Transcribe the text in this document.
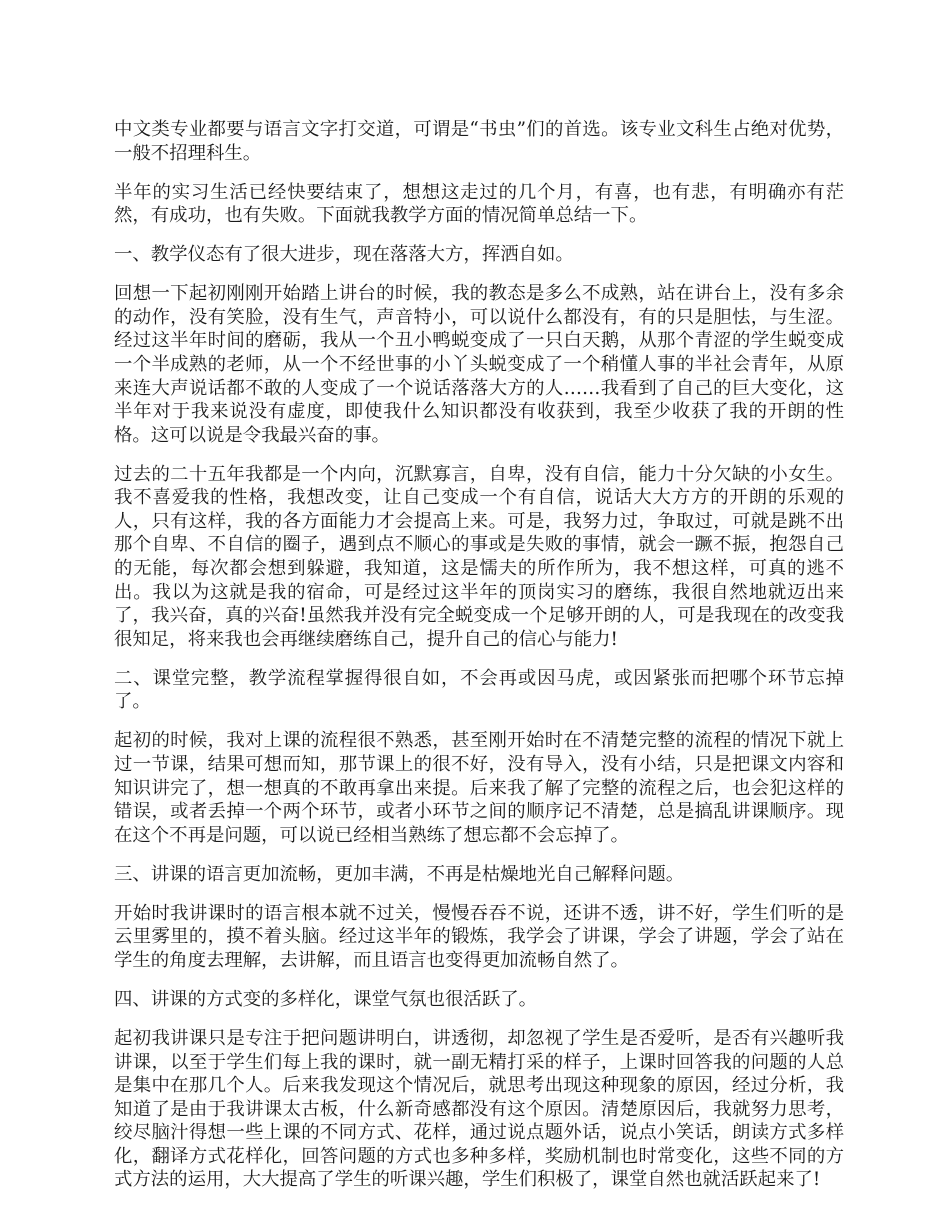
中文类专业都要与语言文字打交道，可谓是“书虫”们的首选。该专业文科生占绝对优势，一般不招理科生。

半年的实习生活已经快要结束了，想想这走过的几个月，有喜，也有悲，有明确亦有茫然，有成功，也有失败。下面就我教学方面的情况简单总结一下。

一、教学仪态有了很大进步，现在落落大方，挥洒自如。

回想一下起初刚刚开始踏上讲台的时候，我的教态是多么不成熟，站在讲台上，没有多余的动作，没有笑脸，没有生气，声音特小，可以说什么都没有，有的只是胆怯，与生涩。经过这半年时间的磨砺，我从一个丑小鸭蜕变成了一只白天鹅，从那个青涩的学生蜕变成一个半成熟的老师，从一个不经世事的小丫头蜕变成了一个稍懂人事的半社会青年，从原来连大声说话都不敢的人变成了一个说话落落大方的人……我看到了自己的巨大变化，这半年对于我来说没有虚度，即使我什么知识都没有收获到，我至少收获了我的开朗的性格。这可以说是令我最兴奋的事。

过去的二十五年我都是一个内向，沉默寡言，自卑，没有自信，能力十分欠缺的小女生。我不喜爱我的性格，我想改变，让自己变成一个有自信，说话大大方方的开朗的乐观的人，只有这样，我的各方面能力才会提高上来。可是，我努力过，争取过，可就是跳不出那个自卑、不自信的圈子，遇到点不顺心的事或是失败的事情，就会一蹶不振，抱怨自己的无能，每次都会想到躲避，我知道，这是懦夫的所作所为，我不想这样，可真的逃不出。我以为这就是我的宿命，可是经过这半年的顶岗实习的磨练，我很自然地就迈出来了，我兴奋，真的兴奋!虽然我并没有完全蜕变成一个足够开朗的人，可是我现在的改变我很知足，将来我也会再继续磨练自己，提升自己的信心与能力!

二、课堂完整，教学流程掌握得很自如，不会再或因马虎，或因紧张而把哪个环节忘掉了。

起初的时候，我对上课的流程很不熟悉，甚至刚开始时在不清楚完整的流程的情况下就上过一节课，结果可想而知，那节课上的很不好，没有导入，没有小结，只是把课文内容和知识讲完了，想一想真的不敢再拿出来提。后来我了解了完整的流程之后，也会犯这样的错误，或者丢掉一个两个环节，或者小环节之间的顺序记不清楚，总是搞乱讲课顺序。现在这个不再是问题，可以说已经相当熟练了想忘都不会忘掉了。

三、讲课的语言更加流畅，更加丰满，不再是枯燥地光自己解释问题。

开始时我讲课时的语言根本就不过关，慢慢吞吞不说，还讲不透，讲不好，学生们听的是云里雾里的，摸不着头脑。经过这半年的锻炼，我学会了讲课，学会了讲题，学会了站在学生的角度去理解，去讲解，而且语言也变得更加流畅自然了。

四、讲课的方式变的多样化，课堂气氛也很活跃了。

起初我讲课只是专注于把问题讲明白，讲透彻，却忽视了学生是否爱听，是否有兴趣听我讲课，以至于学生们每上我的课时，就一副无精打采的样子，上课时回答我的问题的人总是集中在那几个人。后来我发现这个情况后，就思考出现这种现象的原因，经过分析，我知道了是由于我讲课太古板，什么新奇感都没有这个原因。清楚原因后，我就努力思考，绞尽脑汁得想一些上课的不同方式、花样，通过说点题外话，说点小笑话，朗读方式多样化，翻译方式花样化，回答问题的方式也多种多样，奖励机制也时常变化，这些不同的方式方法的运用，大大提高了学生的听课兴趣，学生们积极了，课堂自然也就活跃起来了!
